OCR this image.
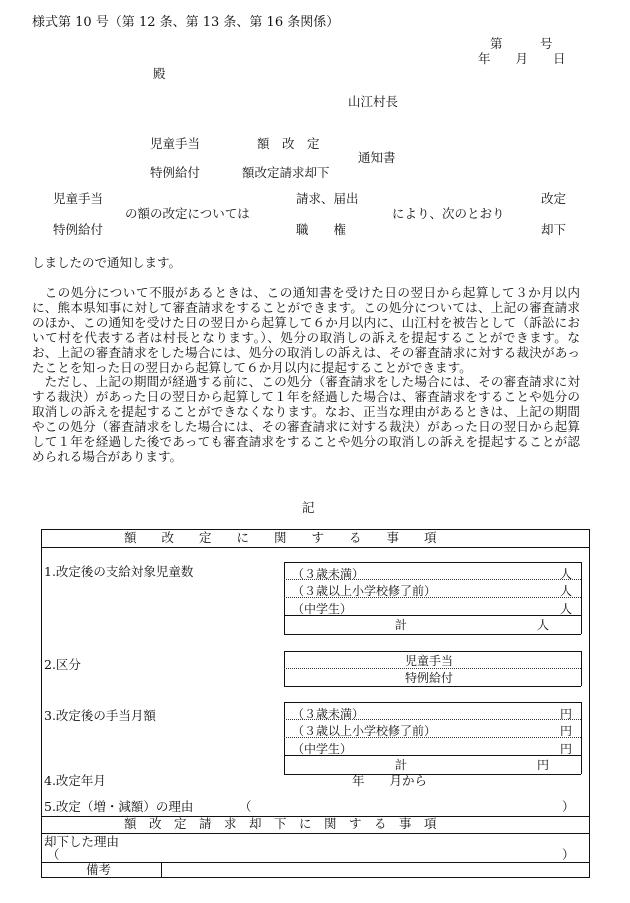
様式第 10 号（第 12 条、第 13 条、第 16 条関係）
第　　　号
年　　月　　日
殿
山江村長
児童手当
特例給付
額　改　定
額改定請求却下
通知書
児童手当
特例給付
の額の改定については
請求、届出
職　　権
により、次のとおり
改定
却下
しましたので通知します。

この処分について不服があるときは、この通知書を受けた日の翌日から起算して３か月以内に、熊本県知事に対して審査請求をすることができます。この処分については、上記の審査請求のほか、この通知を受けた日の翌日から起算して６か月以内に、山江村を被告として（訴訟において村を代表する者は村長となります。）、処分の取消しの訴えを提起することができます。なお、上記の審査請求をした場合には、処分の取消しの訴えは、その審査請求に対する裁決があったことを知った日の翌日から起算して６か月以内に提起することができます。

ただし、上記の期間が経過する前に、この処分（審査請求をした場合には、その審査請求に対する裁決）があった日の翌日から起算して１年を経過した場合は、審査請求をすることや処分の取消しの訴えを提起することができなくなります。なお、正当な理由があるときは、上記の期間やこの処分（審査請求をした場合には、その審査請求に対する裁決）があった日の翌日から起算して１年を経過した後であっても審査請求をすることや処分の取消しの訴えを提起することが認められる場合があります。

記
額　　改　　定　　に　　関　　す　　る　　事　　項
1.改定後の支給対象児童数	（３歳未満）	人
（３歳以上小学校修了前）	人
（中学生）	人
計	人
2.区分	児童手当
特例給付
3.改定後の手当月額	（３歳未満）	円
（３歳以上小学校修了前）	円
（中学生）	円
計	円
4.改定年月	年　　月から
5.改定（増・減額）の理由	（	）
額　改　定　請　求　却　下　に　関　す　る　事　項
却下した理由
（	）
備考
